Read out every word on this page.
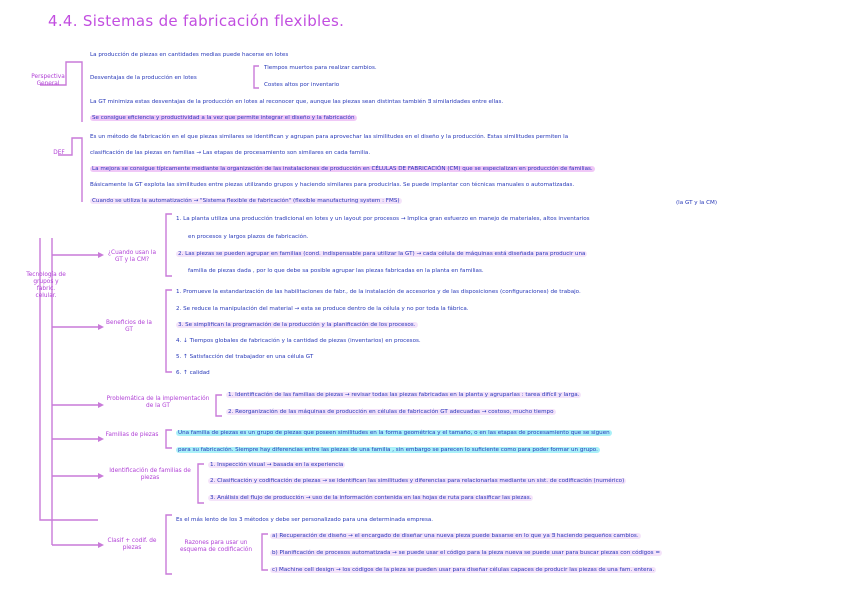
4.4. Sistemas de fabricación flexibles.
Perspectiva General
DEF
Tecnología de grupos y fabric. celular.
¿Cuando usan la GT y la CM?
Beneficios de la GT
Problemática de la implementación de la GT
Familias de piezas
Identificación de familias de piezas
Clasif + codif. de piezas
Razones para usar un esquema de codificación
La producción de piezas en cantidades medias puede hacerse en lotes
Desventajas de la producción en lotes
Tiempos muertos para realizar cambios.
Costes altos por inventario
La GT minimiza estas desventajas de la producción en lotes al reconocer que, aunque las piezas sean distintas también ∃ similaridades entre ellas.
Se consigue eficiencia y productividad a la vez que permite integrar el diseño y la fabricación
Es un método de fabricación en el que piezas similares se identifican y agrupan para aprovechar las similitudes en el diseño y la producción. Estas similitudes permiten la
clasificación de las piezas en familias → Las etapas de procesamiento son similares en cada familia.
La mejora se consigue típicamente mediante la organización de las instalaciones de producción en CÉLULAS DE FABRICACIÓN (CM) que se especializan en producción de familias.
Básicamente la GT explota las similitudes entre piezas utilizando grupos y haciendo similares para producirlas. Se puede implantar con técnicas manuales o automatizadas.
Cuando se utiliza la automatización → "Sistema flexible de fabricación" (flexible manufacturing system : FMS)	(la GT y la CM)
1. La planta utiliza una producción tradicional en lotes y un layout por procesos → Implica gran esfuerzo en manejo de materiales, altos inventarios
en procesos y largos plazos de fabricación.
2. Las piezas se pueden agrupar en familias (cond. indispensable para utilizar la GT) → cada célula de máquinas está diseñada para producir una
familia de piezas dada , por lo que debe sa posible agrupar las piezas fabricadas en la planta en familias.
1. Promueve la estandarización de las habilitaciones de fabr., de la instalación de accesorios y de las disposiciones (configuraciones) de trabajo.
2. Se reduce la manipulación del material → esta se produce dentro de la célula y no por toda la fábrica.
3. Se simplifican la programación de la producción y la planificación de los procesos.
4. ↓ Tiempos globales de fabricación y la cantidad de piezas (inventarios) en procesos.
5. ↑ Satisfacción del trabajador en una célula GT
6. ↑ calidad
1. Identificación de las familias de piezas → revisar todas las piezas fabricadas en la planta y agruparlas : tarea difícil y larga.
2. Reorganización de las máquinas de producción en células de fabricación GT adecuadas → costoso, mucho tiempo
Una familia de piezas es un grupo de piezas que poseen similitudes en la forma geométrica y el tamaño, o en las etapas de procesamiento que se siguen
para su fabricación. Siempre hay diferencias entre las piezas de una familia , sin embargo se parecen lo suficiente como para poder formar un grupo.
1. Inspección visual → basada en la experiencia
2. Clasificación y codificación de piezas → se identifican las similitudes y diferencias para relacionarlas mediante un sist. de codificación (numérico)
3. Análisis del flujo de producción → uso de la información contenida en las hojas de ruta para clasificar las piezas.
Es el más lento de los 3 métodos y debe ser personalizado para una determinada empresa.
a) Recuperación de diseño → el encargado de diseñar una nueva pieza puede basarse en lo que ya ∃ haciendo pequeños cambios.
b) Planificación de procesos automatizada → se puede usar el código para la pieza nueva se puede usar para buscar piezas con códigos =
c) Machine cell design → los códigos de la pieza se pueden usar para diseñar células capaces de producir las piezas de una fam. entera.
